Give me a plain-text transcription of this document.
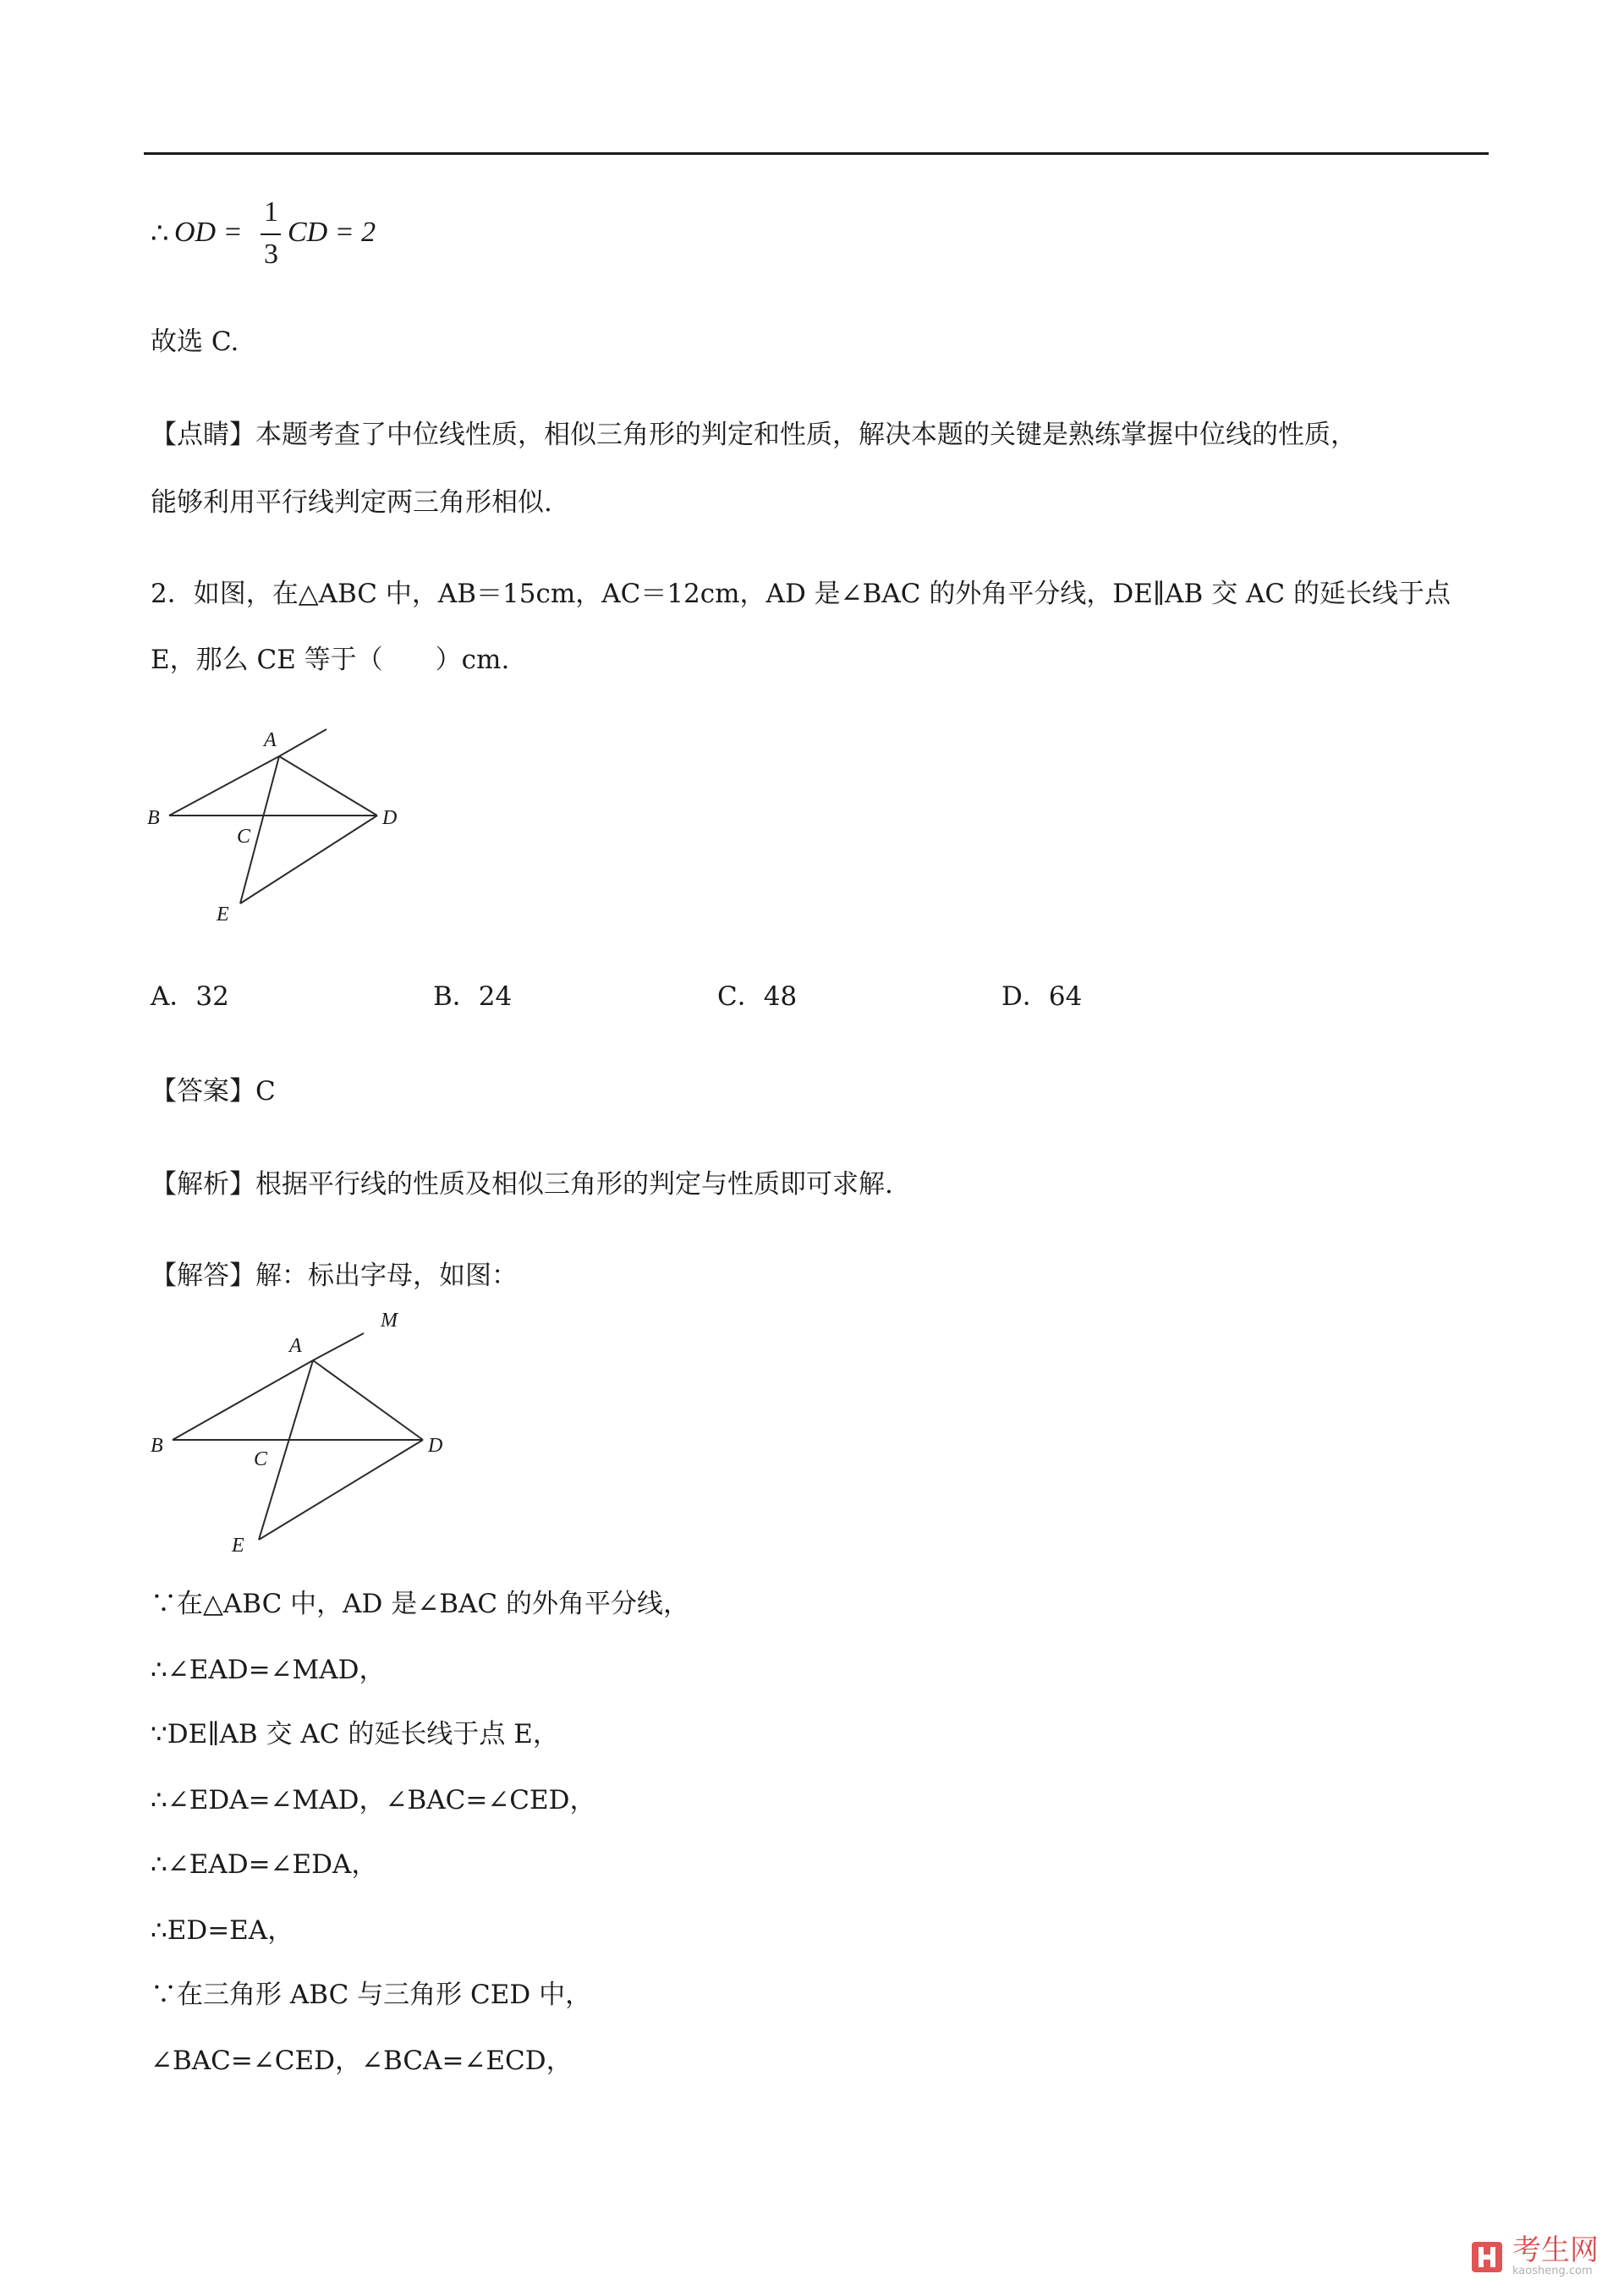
∴ OD =
1
3
CD = 2
故选 C.
【点睛】本题考查了中位线性质，相似三角形的判定和性质，解决本题的关键是熟练掌握中位线的性质，
能够利用平行线判定两三角形相似.
2．如图，在△ABC 中，AB＝15cm，AC＝12cm，AD 是∠BAC 的外角平分线，DE∥AB 交 AC 的延长线于点
E，那么 CE 等于（　　）cm.
A
B
C
D
E
A．32	B．24	C．48	D．64
【答案】C
【解析】根据平行线的性质及相似三角形的判定与性质即可求解.
【解答】解：标出字母，如图：
A
B
C
D
E
M
∵在△ABC 中，AD 是∠BAC 的外角平分线，
∴∠EAD=∠MAD，
∵DE∥AB 交 AC 的延长线于点 E，
∴∠EDA=∠MAD，∠BAC=∠CED，
∴∠EAD=∠EDA，
∴ED=EA，
∵在三角形 ABC 与三角形 CED 中，
∠BAC=∠CED，∠BCA=∠ECD，
考生网
kaosheng.com
